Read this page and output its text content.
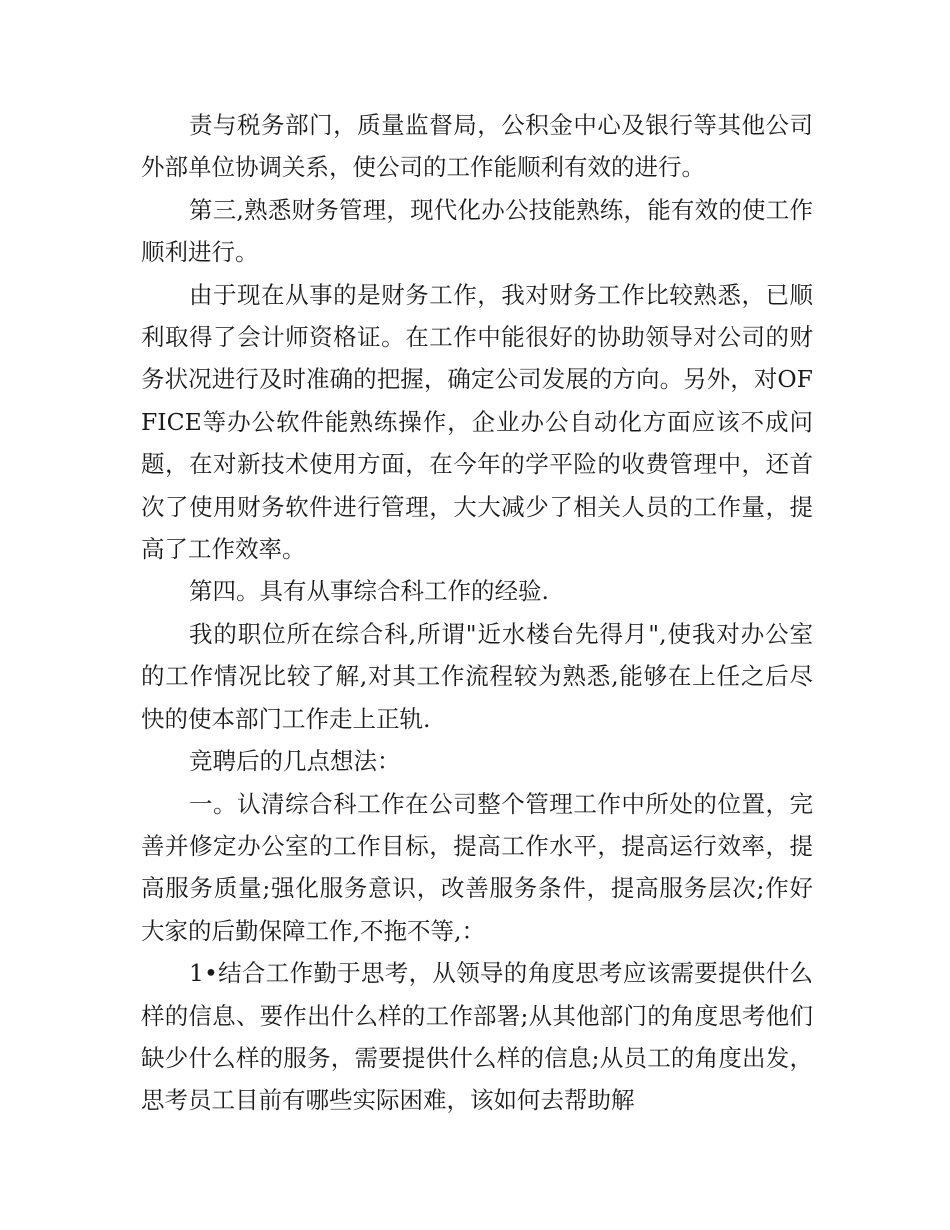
责与税务部门，质量监督局，公积金中心及银行等其他公司外部单位协调关系，使公司的工作能顺利有效的进行。

第三,熟悉财务管理，现代化办公技能熟练，能有效的使工作顺利进行。

由于现在从事的是财务工作，我对财务工作比较熟悉，已顺利取得了会计师资格证。在工作中能很好的协助领导对公司的财务状况进行及时准确的把握，确定公司发展的方向。另外，对OFFICE等办公软件能熟练操作，企业办公自动化方面应该不成问题，在对新技术使用方面，在今年的学平险的收费管理中，还首次了使用财务软件进行管理，大大减少了相关人员的工作量，提高了工作效率。

第四。具有从事综合科工作的经验.

我的职位所在综合科,所谓"近水楼台先得月",使我对办公室的工作情况比较了解,对其工作流程较为熟悉,能够在上任之后尽快的使本部门工作走上正轨.

竞聘后的几点想法：

一。认清综合科工作在公司整个管理工作中所处的位置，完善并修定办公室的工作目标，提高工作水平，提高运行效率，提高服务质量;强化服务意识，改善服务条件，提高服务层次;作好大家的后勤保障工作,不拖不等,：

1•结合工作勤于思考，从领导的角度思考应该需要提供什么样的信息、要作出什么样的工作部署;从其他部门的角度思考他们缺少什么样的服务，需要提供什么样的信息;从员工的角度出发，思考员工目前有哪些实际困难，该如何去帮助解
